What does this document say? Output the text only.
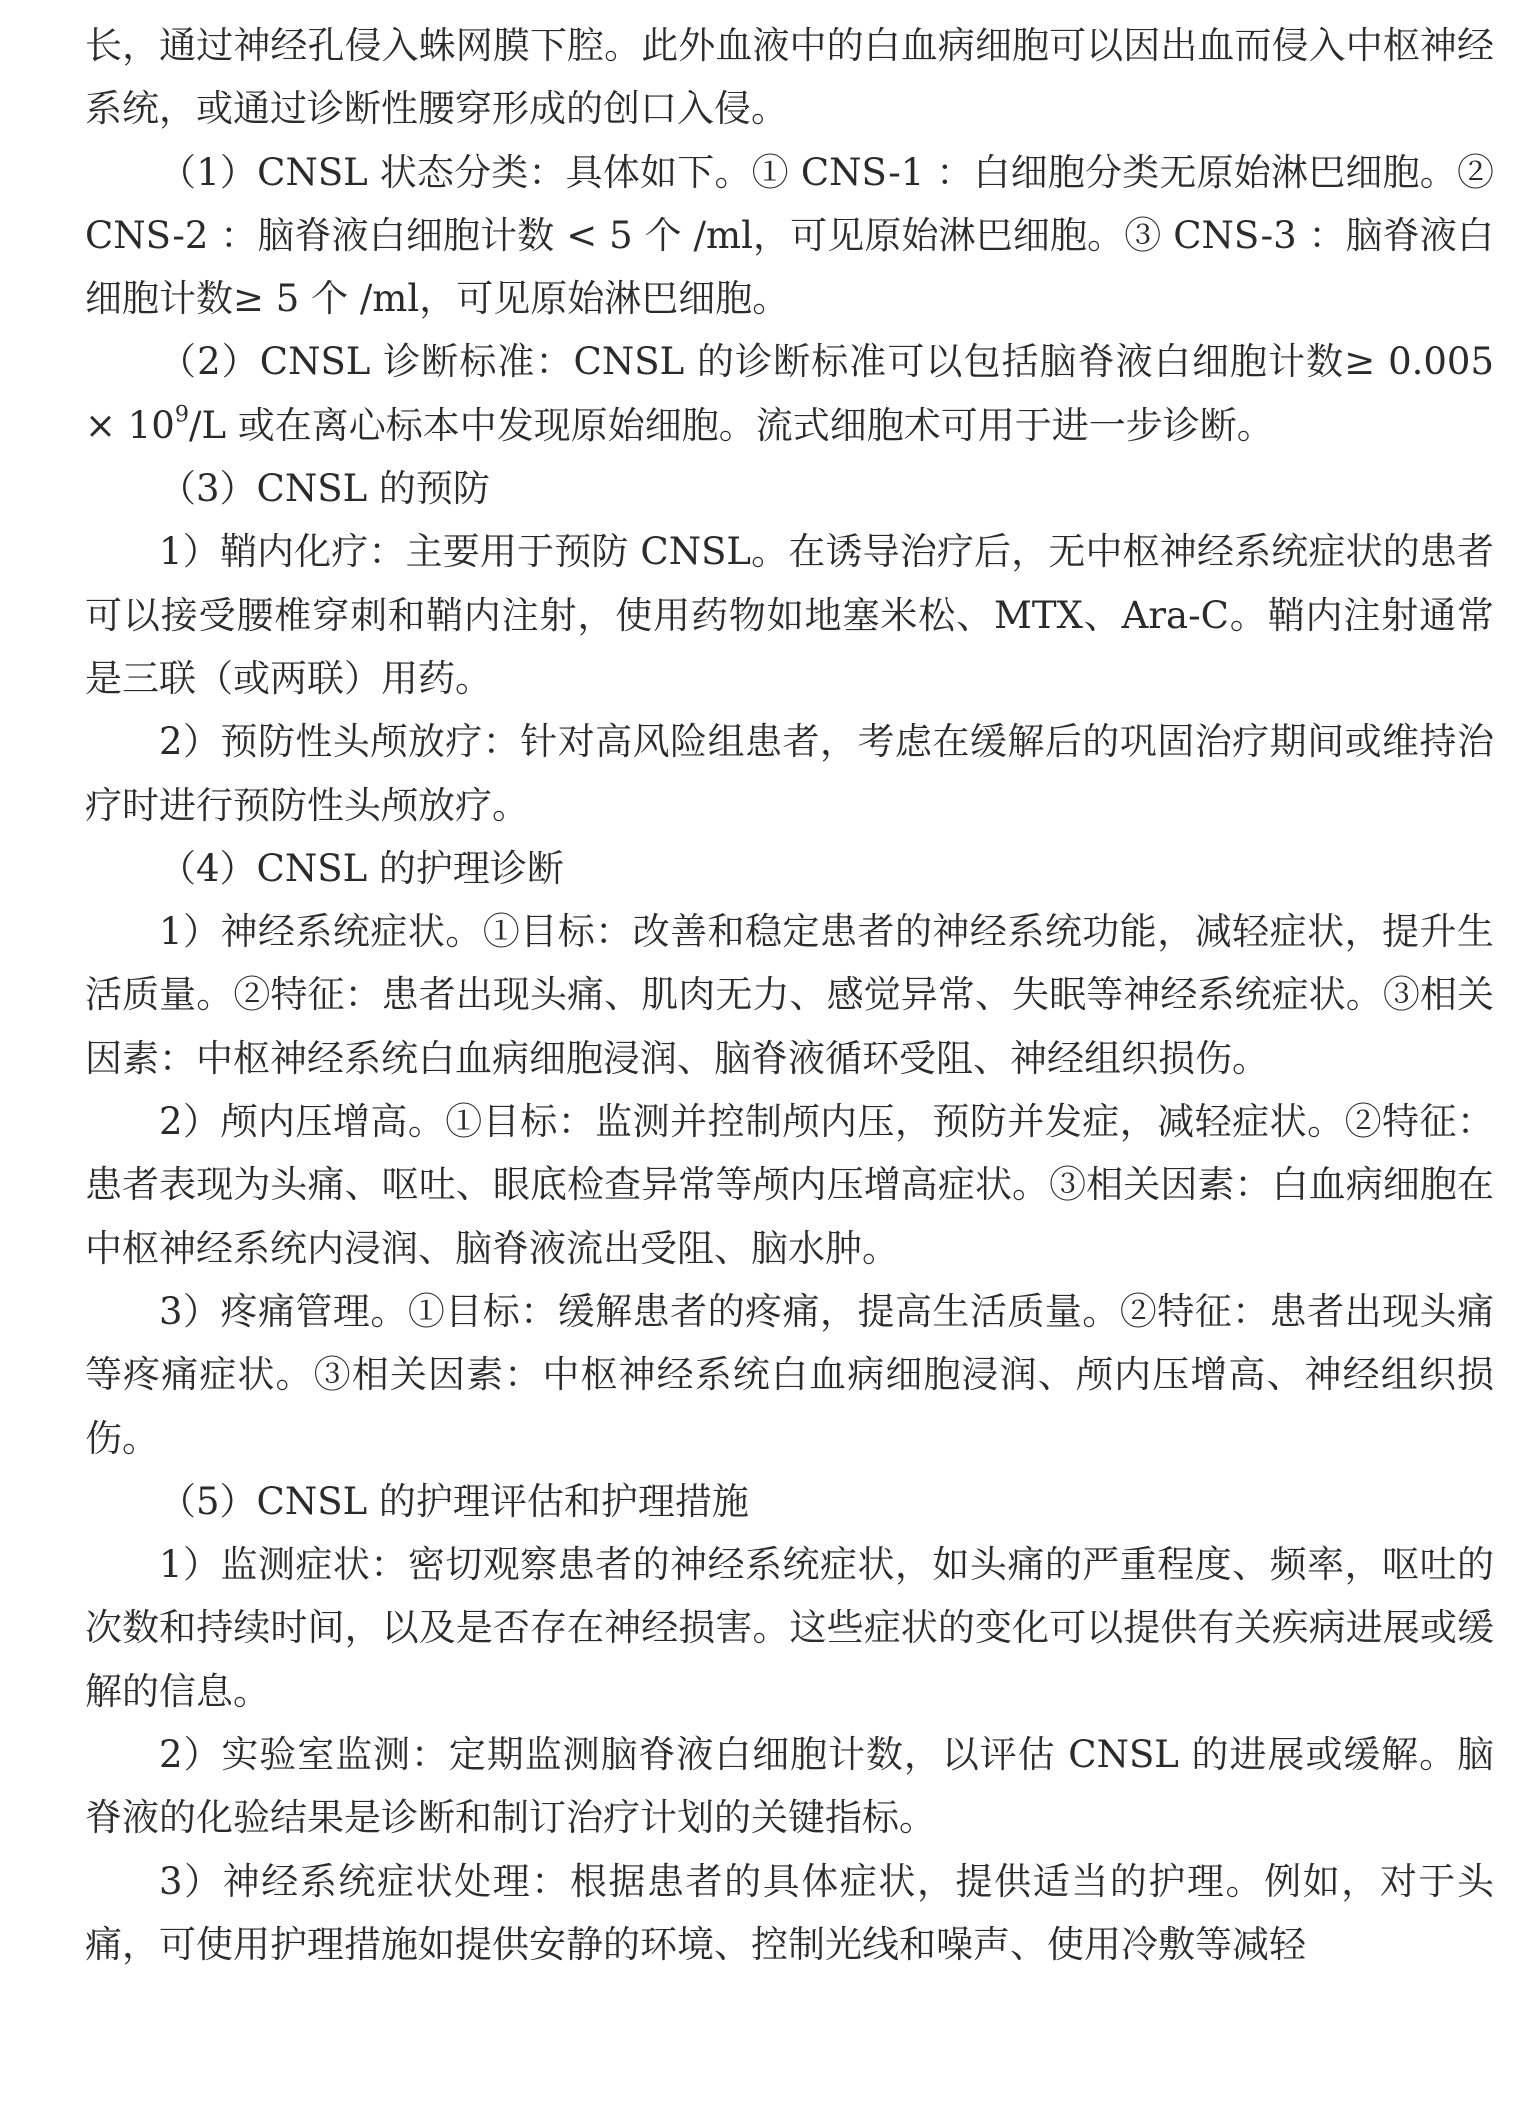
长，通过神经孔侵入蛛网膜下腔。此外血液中的白血病细胞可以因出血而侵入中枢神经系统，或通过诊断性腰穿形成的创口入侵。

（1）CNSL 状态分类：具体如下。① CNS-1 ：白细胞分类无原始淋巴细胞。② CNS-2 ：脑脊液白细胞计数 < 5 个 /ml，可见原始淋巴细胞。③ CNS-3 ：脑脊液白细胞计数≥ 5 个 /ml，可见原始淋巴细胞。

（2）CNSL 诊断标准：CNSL 的诊断标准可以包括脑脊液白细胞计数≥ $0.005 \times 10^9/L$ 或在离心标本中发现原始细胞。流式细胞术可用于进一步诊断。

（3）CNSL 的预防

1）鞘内化疗：主要用于预防 CNSL。在诱导治疗后，无中枢神经系统症状的患者可以接受腰椎穿刺和鞘内注射，使用药物如地塞米松、MTX、Ara-C。鞘内注射通常是三联（或两联）用药。

2）预防性头颅放疗：针对高风险组患者，考虑在缓解后的巩固治疗期间或维持治疗时进行预防性头颅放疗。

（4）CNSL 的护理诊断

1）神经系统症状。①目标：改善和稳定患者的神经系统功能，减轻症状，提升生活质量。②特征：患者出现头痛、肌肉无力、感觉异常、失眠等神经系统症状。③相关因素：中枢神经系统白血病细胞浸润、脑脊液循环受阻、神经组织损伤。

2）颅内压增高。①目标：监测并控制颅内压，预防并发症，减轻症状。②特征：患者表现为头痛、呕吐、眼底检查异常等颅内压增高症状。③相关因素：白血病细胞在中枢神经系统内浸润、脑脊液流出受阻、脑水肿。

3）疼痛管理。①目标：缓解患者的疼痛，提高生活质量。②特征：患者出现头痛等疼痛症状。③相关因素：中枢神经系统白血病细胞浸润、颅内压增高、神经组织损伤。

（5）CNSL 的护理评估和护理措施

1）监测症状：密切观察患者的神经系统症状，如头痛的严重程度、频率，呕吐的次数和持续时间，以及是否存在神经损害。这些症状的变化可以提供有关疾病进展或缓解的信息。

2）实验室监测：定期监测脑脊液白细胞计数，以评估 CNSL 的进展或缓解。脑脊液的化验结果是诊断和制订治疗计划的关键指标。

3）神经系统症状处理：根据患者的具体症状，提供适当的护理。例如，对于头痛，可使用护理措施如提供安静的环境、控制光线和噪声、使用冷敷等减轻
